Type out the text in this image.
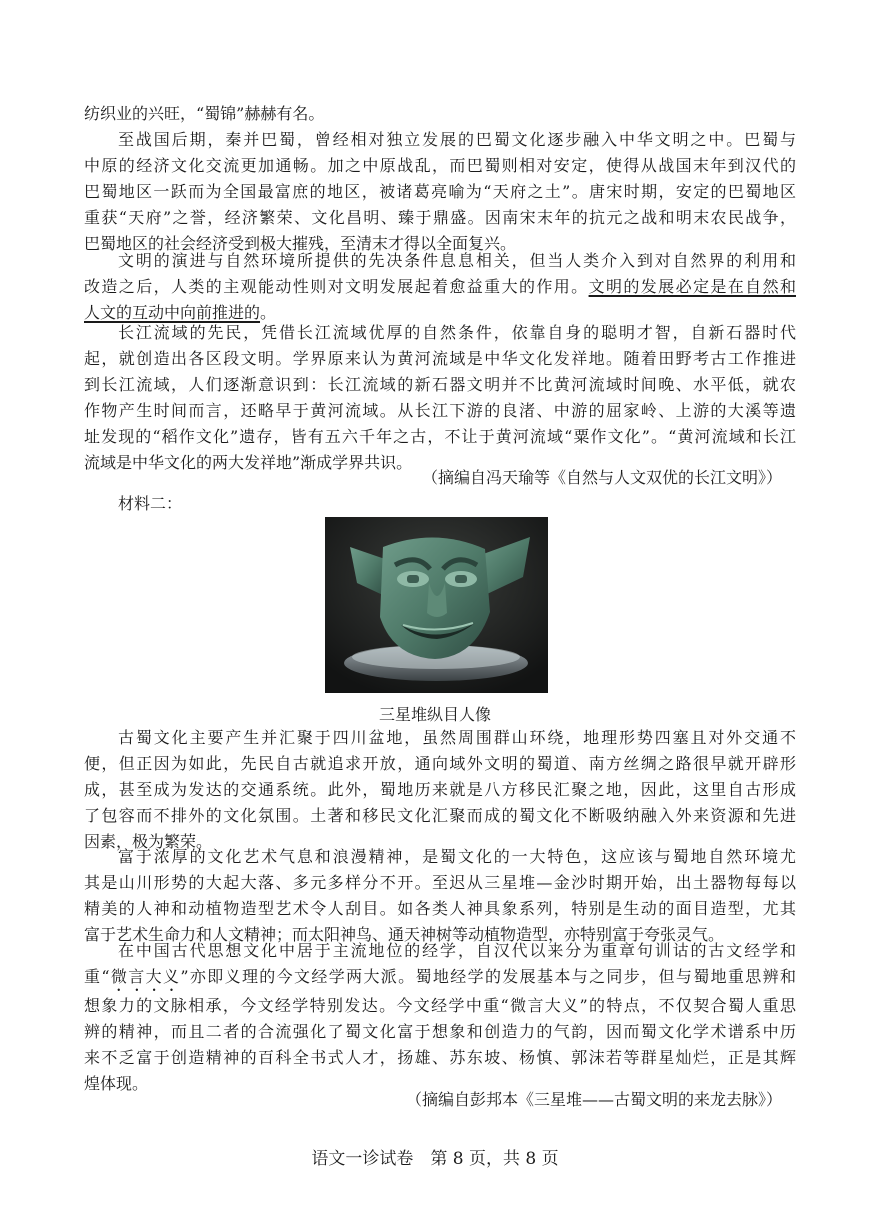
纺织业的兴旺，“蜀锦”赫赫有名。
至战国后期，秦并巴蜀，曾经相对独立发展的巴蜀文化逐步融入中华文明之中。巴蜀与
中原的经济文化交流更加通畅。加之中原战乱，而巴蜀则相对安定，使得从战国末年到汉代的
巴蜀地区一跃而为全国最富庶的地区，被诸葛亮喻为“天府之土”。唐宋时期，安定的巴蜀地区
重获“天府”之誉，经济繁荣、文化昌明、臻于鼎盛。因南宋末年的抗元之战和明末农民战争，
巴蜀地区的社会经济受到极大摧残，至清末才得以全面复兴。
文明的演进与自然环境所提供的先决条件息息相关，但当人类介入到对自然界的利用和
改造之后，人类的主观能动性则对文明发展起着愈益重大的作用。文明的发展必定是在自然和
人文的互动中向前推进的。
长江流域的先民，凭借长江流域优厚的自然条件，依靠自身的聪明才智，自新石器时代
起，就创造出各区段文明。学界原来认为黄河流域是中华文化发祥地。随着田野考古工作推进
到长江流域，人们逐渐意识到：长江流域的新石器文明并不比黄河流域时间晚、水平低，就农
作物产生时间而言，还略早于黄河流域。从长江下游的良渚、中游的屈家岭、上游的大溪等遗
址发现的“稻作文化”遗存，皆有五六千年之古，不让于黄河流域“粟作文化”。“黄河流域和长江
流域是中华文化的两大发祥地”渐成学界共识。
（摘编自冯天瑜等《自然与人文双优的长江文明》）
材料二：
三星堆纵目人像
古蜀文化主要产生并汇聚于四川盆地，虽然周围群山环绕，地理形势四塞且对外交通不
便，但正因为如此，先民自古就追求开放，通向域外文明的蜀道、南方丝绸之路很早就开辟形
成，甚至成为发达的交通系统。此外，蜀地历来就是八方移民汇聚之地，因此，这里自古形成
了包容而不排外的文化氛围。土著和移民文化汇聚而成的蜀文化不断吸纳融入外来资源和先进
因素，极为繁荣。
富于浓厚的文化艺术气息和浪漫精神，是蜀文化的一大特色，这应该与蜀地自然环境尤
其是山川形势的大起大落、多元多样分不开。至迟从三星堆—金沙时期开始，出土器物每每以
精美的人神和动植物造型艺术令人刮目。如各类人神具象系列，特别是生动的面目造型，尤其
富于艺术生命力和人文精神；而太阳神鸟、通天神树等动植物造型，亦特别富于夸张灵气。
在中国古代思想文化中居于主流地位的经学，自汉代以来分为重章句训诂的古文经学和
重“微言大义”亦即义理的今文经学两大派。蜀地经学的发展基本与之同步，但与蜀地重思辨和
想象力的文脉相承，今文经学特别发达。今文经学中重“微言大义”的特点，不仅契合蜀人重思
辨的精神，而且二者的合流强化了蜀文化富于想象和创造力的气韵，因而蜀文化学术谱系中历
来不乏富于创造精神的百科全书式人才，扬雄、苏东坡、杨慎、郭沫若等群星灿烂，正是其辉
煌体现。
（摘编自彭邦本《三星堆——古蜀文明的来龙去脉》）
语文一诊试卷　第 8 页，共 8 页
